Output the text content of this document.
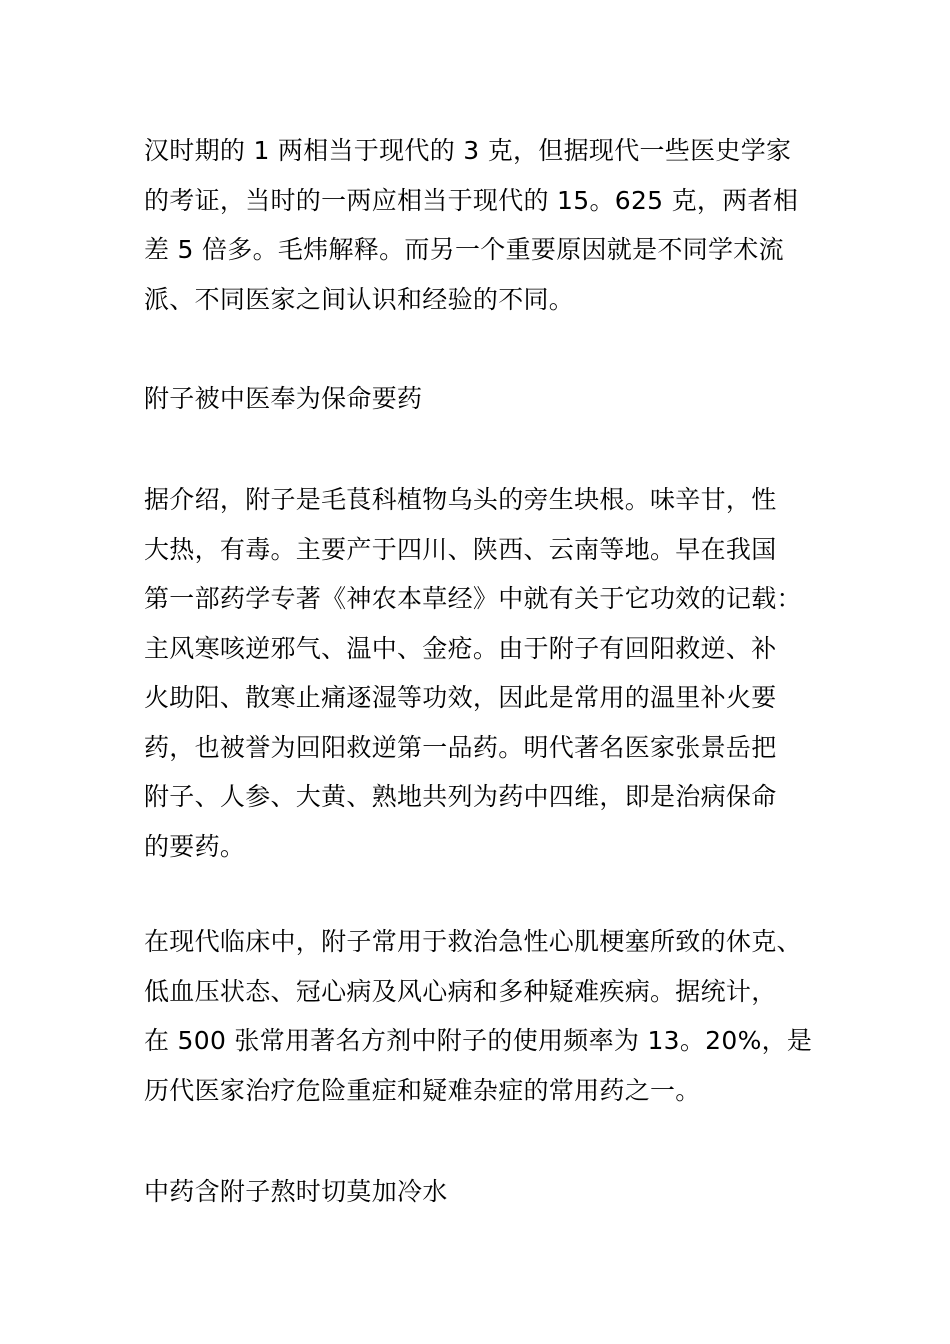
汉时期的 1 两相当于现代的 3 克，但据现代一些医史学家
的考证，当时的一两应相当于现代的 15。625 克，两者相
差 5 倍多。毛炜解释。而另一个重要原因就是不同学术流
派、不同医家之间认识和经验的不同。
附子被中医奉为保命要药
据介绍，附子是毛茛科植物乌头的旁生块根。味辛甘，性
大热，有毒。主要产于四川、陕西、云南等地。早在我国
第一部药学专著《神农本草经》中就有关于它功效的记载：
主风寒咳逆邪气、温中、金疮。由于附子有回阳救逆、补
火助阳、散寒止痛逐湿等功效，因此是常用的温里补火要
药，也被誉为回阳救逆第一品药。明代著名医家张景岳把
附子、人参、大黄、熟地共列为药中四维，即是治病保命
的要药。
在现代临床中，附子常用于救治急性心肌梗塞所致的休克、
低血压状态、冠心病及风心病和多种疑难疾病。据统计，
在 500 张常用著名方剂中附子的使用频率为 13。20%，是
历代医家治疗危险重症和疑难杂症的常用药之一。
中药含附子熬时切莫加冷水
